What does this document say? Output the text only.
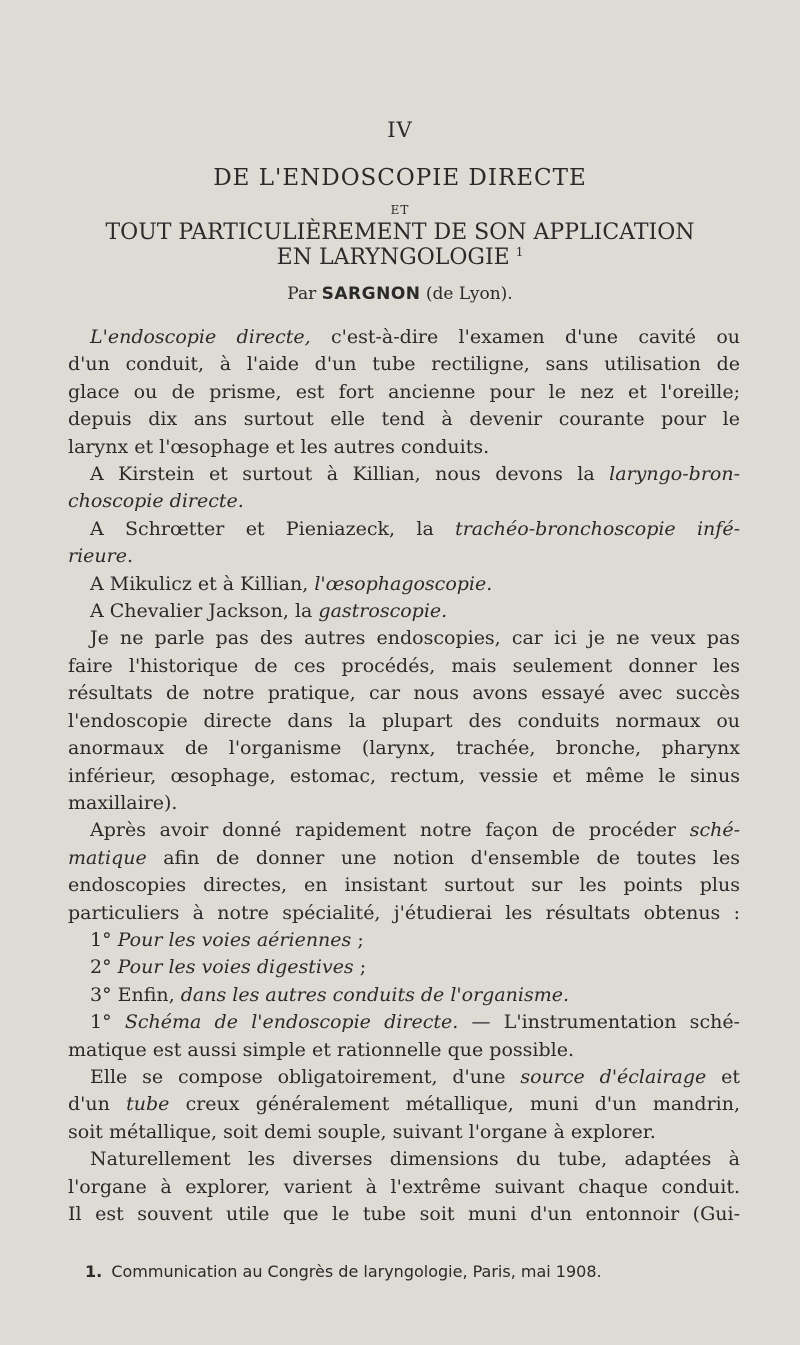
IV
DE L'ENDOSCOPIE DIRECTE
ET
TOUT PARTICULIÈREMENT DE SON APPLICATION
EN LARYNGOLOGIE $^1$
Par SARGNON (de Lyon).
L'endoscopie directe, c'est-à-dire l'examen d'une cavité ou
d'un conduit, à l'aide d'un tube rectiligne, sans utilisation de
glace ou de prisme, est fort ancienne pour le nez et l'oreille;
depuis dix ans surtout elle tend à devenir courante pour le
larynx et l'œsophage et les autres conduits.
A Kirstein et surtout à Killian, nous devons la laryngo-bron-
choscopie directe.
A Schrœtter et Pieniazeck, la trachéo-bronchoscopie infé-
rieure.
A Mikulicz et à Killian, l'œsophagoscopie.
A Chevalier Jackson, la gastroscopie.
Je ne parle pas des autres endoscopies, car ici je ne veux pas
faire l'historique de ces procédés, mais seulement donner les
résultats de notre pratique, car nous avons essayé avec succès
l'endoscopie directe dans la plupart des conduits normaux ou
anormaux de l'organisme (larynx, trachée, bronche, pharynx
inférieur, œsophage, estomac, rectum, vessie et même le sinus
maxillaire).
Après avoir donné rapidement notre façon de procéder sché-
matique afin de donner une notion d'ensemble de toutes les
endoscopies directes, en insistant surtout sur les points plus
particuliers à notre spécialité, j'étudierai les résultats obtenus :
1° Pour les voies aériennes ;
2° Pour les voies digestives ;
3° Enfin, dans les autres conduits de l'organisme.
1° Schéma de l'endoscopie directe. — L'instrumentation sché-
matique est aussi simple et rationnelle que possible.
Elle se compose obligatoirement, d'une source d'éclairage et
d'un tube creux généralement métallique, muni d'un mandrin,
soit métallique, soit demi souple, suivant l'organe à explorer.
Naturellement les diverses dimensions du tube, adaptées à
l'organe à explorer, varient à l'extrême suivant chaque conduit.
Il est souvent utile que le tube soit muni d'un entonnoir (Gui-
1. Communication au Congrès de laryngologie, Paris, mai 1908.
